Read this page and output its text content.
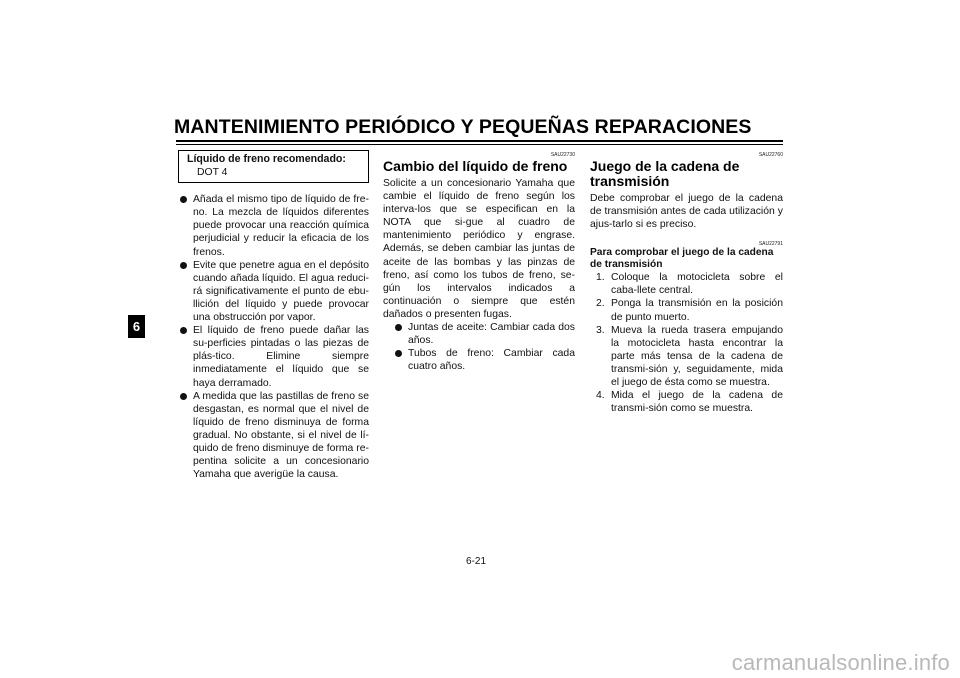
MANTENIMIENTO PERIÓDICO Y PEQUEÑAS REPARACIONES
6
Líquido de freno recomendado:
DOT 4
Añada el mismo tipo de líquido de fre-no. La mezcla de líquidos diferentes puede provocar una reacción química perjudicial y reducir la eficacia de los frenos.
Evite que penetre agua en el depósito cuando añada líquido. El agua reduci-rá significativamente el punto de ebu-llición del líquido y puede provocar una obstrucción por vapor.
El líquido de freno puede dañar las su-perficies pintadas o las piezas de plás-tico. Elimine siempre inmediatamente el líquido que se haya derramado.
A medida que las pastillas de freno se desgastan, es normal que el nivel de líquido de freno disminuya de forma gradual. No obstante, si el nivel de lí-quido de freno disminuye de forma re-pentina solicite a un concesionario Yamaha que averigüe la causa.
SAU22730
Cambio del líquido de freno
Solicite a un concesionario Yamaha que cambie el líquido de freno según los interva-los que se especifican en la NOTA que si-gue al cuadro de mantenimiento periódico y engrase. Además, se deben cambiar las juntas de aceite de las bombas y las pinzas de freno, así como los tubos de freno, se-gún los intervalos indicados a continuación o siempre que estén dañados o presenten fugas.
Juntas de aceite: Cambiar cada dos años.
Tubos de freno: Cambiar cada cuatro años.
SAU22760
Juego de la cadena de transmisión
Debe comprobar el juego de la cadena de transmisión antes de cada utilización y ajus-tarlo si es preciso.
SAU22791
Para comprobar el juego de la cadena de transmisión
1. Coloque la motocicleta sobre el caba-llete central.
2. Ponga la transmisión en la posición de punto muerto.
3. Mueva la rueda trasera empujando la motocicleta hasta encontrar la parte más tensa de la cadena de transmi-sión y, seguidamente, mida el juego de ésta como se muestra.
4. Mida el juego de la cadena de transmi-sión como se muestra.
6-21
carmanualsonline.info
